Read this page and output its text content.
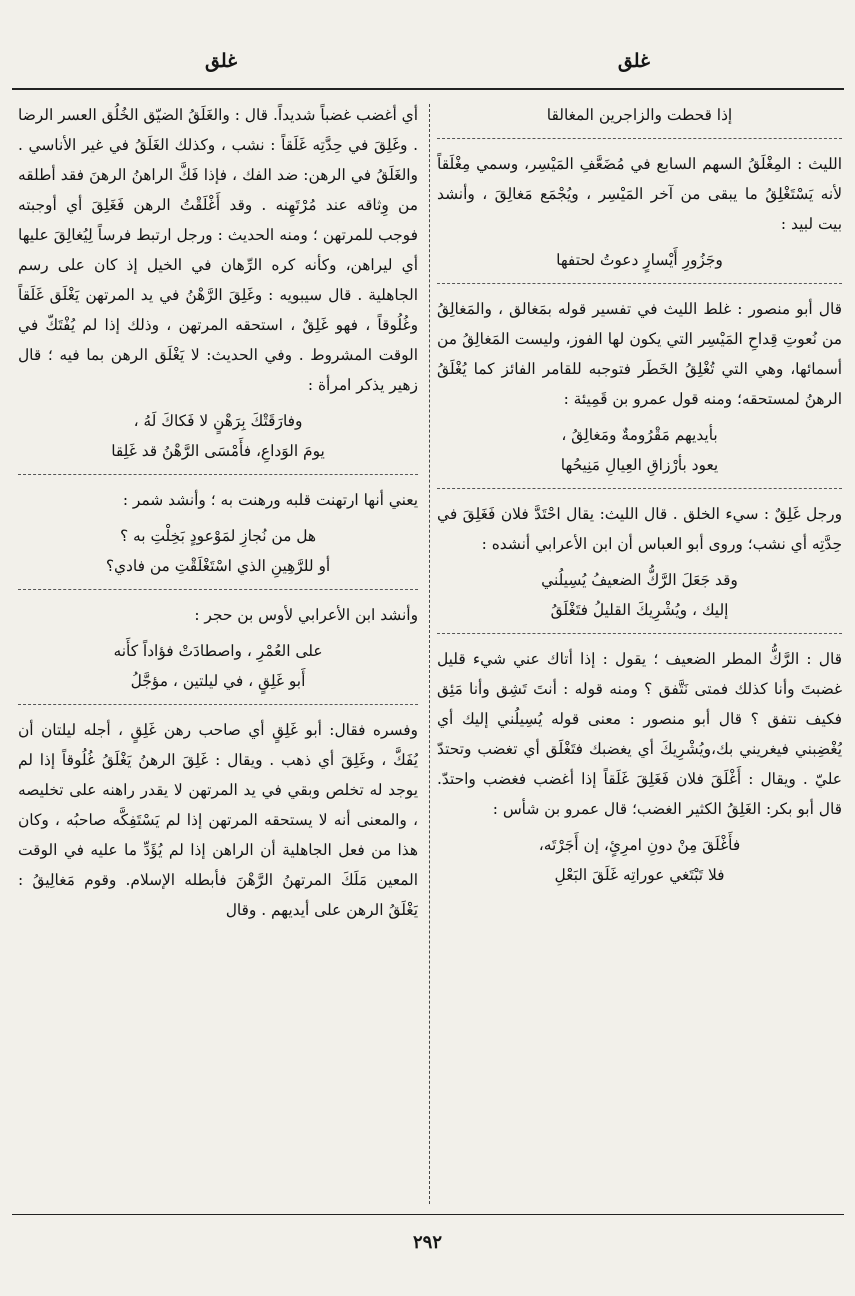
غلق
غلق

إذا قحطت والزاجرين المغالقا

الليث : المِغْلَقُ السهم السابع في مُضَعَّفِ المَيْسِر، وسمي مِغْلَقاً لأنه يَسْتَغْلِقُ ما يبقى من آخر المَيْسِر ، ويُجْمَع مَغالِقَ ، وأنشد بيت لبيد :

وجَزُورِ أَيْسارٍ دعوتُ لحتفها

قال أبو منصور : غلط الليث في تفسير قوله بمَغالق ، والمَغالِقُ من نُعوتِ قِداحِ المَيْسِر التي يكون لها الفوز، وليست المَغالِقُ من أسمائها، وهي التي تُغْلِقُ الخَطَر فتوجبه للقامر الفائز كما يُغْلَقُ الرهنُ لمستحقه؛ ومنه قول عمرو بن قَمِيئة :

بأيديهم مَقْرُومةٌ ومَغالِقُ ،
يعود بأرْزاقِ العِيالِ مَنِيحُها

ورجل غَلِقٌ : سيء الخلق . قال الليث: يقال احْتَدَّ فلان فَغَلِقَ في حِدَّتِه أي نشب؛ وروى أبو العباس أن ابن الأعرابي أنشده :

وقد جَعَلَ الرَّكُّ الضعيفُ يُسِيلُني
إليك ، ويُشْرِيكَ القليلُ فتَغْلَقُ

قال : الرَّكُّ المطر الضعيف ؛ يقول : إذا أتاك عني شيء قليل غضبتَ وأنا كذلك فمتى نَتَّفق ؟ ومنه قوله : أنتَ تَشِق وأنا مَئِق فكيف نتفق ؟ قال أبو منصور : معنى قوله يُسِيلُني إليك أي يُغْضِبني فيغريني بك،ويُشْرِيكَ أي يغضبك فتَغْلَق أي تغضب وتحتدّ عليّ . ويقال : أَغْلَقَ فلان فَغَلِقَ غَلَقاً إذا أغضب فغضب واحتدّ. قال أبو بكر: الغَلِقُ الكثير الغضب؛ قال عمرو بن شأس :

فأَغْلَقَ مِنْ دونِ امرِئٍ، إن أَجَرْتَه،
فلا تَبْتَغي عوراتِه غَلَقَ البَعْلِ

أي أغضب غضباً شديداً. قال : والغَلَقُ الضيّق الخُلُق العسر الرضا . وغَلِقَ في حِدَّتِه غَلَقاً : نشب ، وكذلك الغَلَقُ في غير الأناسي . والغَلَقُ في الرهن: ضد الفك ، فإذا فَكَّ الراهنُ الرهنَ فقد أطلقه من وِثاقه عند مُرْتَهِنه . وقد أَغْلَقْتُ الرهن فَغَلِقَ أي أوجبته فوجب للمرتهن ؛ ومنه الحديث : ورجل ارتبط فرساً لِيُغالِقَ عليها أي ليراهن، وكأنه كره الرِّهان في الخيل إذ كان على رسم الجاهلية . قال سيبويه : وغَلِقَ الرَّهْنُ في يد المرتهن يَغْلَق غَلَقاً وغُلُوقاً ، فهو غَلِقٌ ، استحقه المرتهن ، وذلك إذا لم يُفْتَكّ في الوقت المشروط . وفي الحديث: لا يَغْلَق الرهن بما فيه ؛ قال زهير يذكر امرأة :

وفارَقَتْكَ بِرَهْنٍ لا فَكاكَ لَهُ ،
يومَ الوَداعِ، فأَمْسَى الرَّهْنُ قد غَلِقا

يعني أنها ارتهنت قلبه ورهنت به ؛ وأنشد شمر :

هل من نُجازِ لمَوْعودٍ بَخِلْتِ به ؟
أو للرَّهِينِ الذي اسْتَغْلَقْتِ من فادي؟

وأنشد ابن الأعرابي لأوس بن حجر :

على العُمْرِ ، واصطادَتْ فؤاداً كأَنه
أَبو غَلِقٍ ، في ليلتين ، مؤجَّلُ

وفسره فقال: أبو غَلِقٍ أي صاحب رهن غَلِقٍ ، أجله ليلتان أن يُفَكَّ ، وغَلِقَ أي ذهب . ويقال : غَلِقَ الرهنُ يَغْلَقُ غُلُوقاً إذا لم يوجد له تخلص وبقي في يد المرتهن لا يقدر راهنه على تخليصه ، والمعنى أنه لا يستحقه المرتهن إذا لم يَسْتَفِكَّه صاحبُه ، وكان هذا من فعل الجاهلية أن الراهن إذا لم يُؤَدِّ ما عليه في الوقت المعين مَلَكَ المرتهنُ الرَّهْنَ فأبطله الإسلام. وقوم مَغالِيقُ : يَغْلَقُ الرهن على أيديهم . وقال

٢٩٢
